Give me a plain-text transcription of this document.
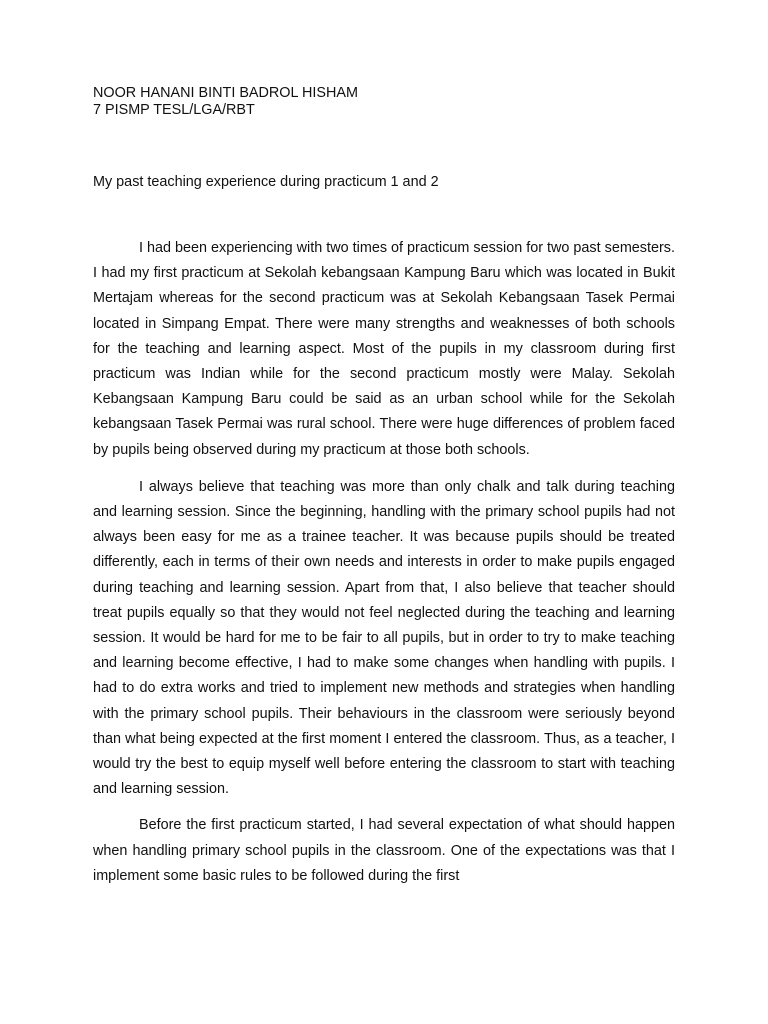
NOOR HANANI BINTI BADROL HISHAM

7 PISMP TESL/LGA/RBT

My past teaching experience during practicum 1 and 2

I had been experiencing with two times of practicum session for two past semesters. I had my first practicum at Sekolah kebangsaan Kampung Baru which was located in Bukit Mertajam whereas for the second practicum was at Sekolah Kebangsaan Tasek Permai located in Simpang Empat. There were many strengths and weaknesses of both schools for the teaching and learning aspect. Most of the pupils in my classroom during first practicum was Indian while for the second practicum mostly were Malay. Sekolah Kebangsaan Kampung Baru could be said as an urban school while for the Sekolah kebangsaan Tasek Permai was rural school. There were huge differences of problem faced by pupils being observed during my practicum at those both schools.

I always believe that teaching was more than only chalk and talk during teaching and learning session. Since the beginning, handling with the primary school pupils had not always been easy for me as a trainee teacher. It was because pupils should be treated differently, each in terms of their own needs and interests in order to make pupils engaged during teaching and learning session. Apart from that, I also believe that teacher should treat pupils equally so that they would not feel neglected during the teaching and learning session. It would be hard for me to be fair to all pupils, but in order to try to make teaching and learning become effective, I had to make some changes when handling with pupils. I had to do extra works and tried to implement new methods and strategies when handling with the primary school pupils. Their behaviours in the classroom were seriously beyond than what being expected at the first moment I entered the classroom. Thus, as a teacher, I would try the best to equip myself well before entering the classroom to start with teaching and learning session.

Before the first practicum started, I had several expectation of what should happen when handling primary school pupils in the classroom. One of the expectations was that I implement some basic rules to be followed during the first
